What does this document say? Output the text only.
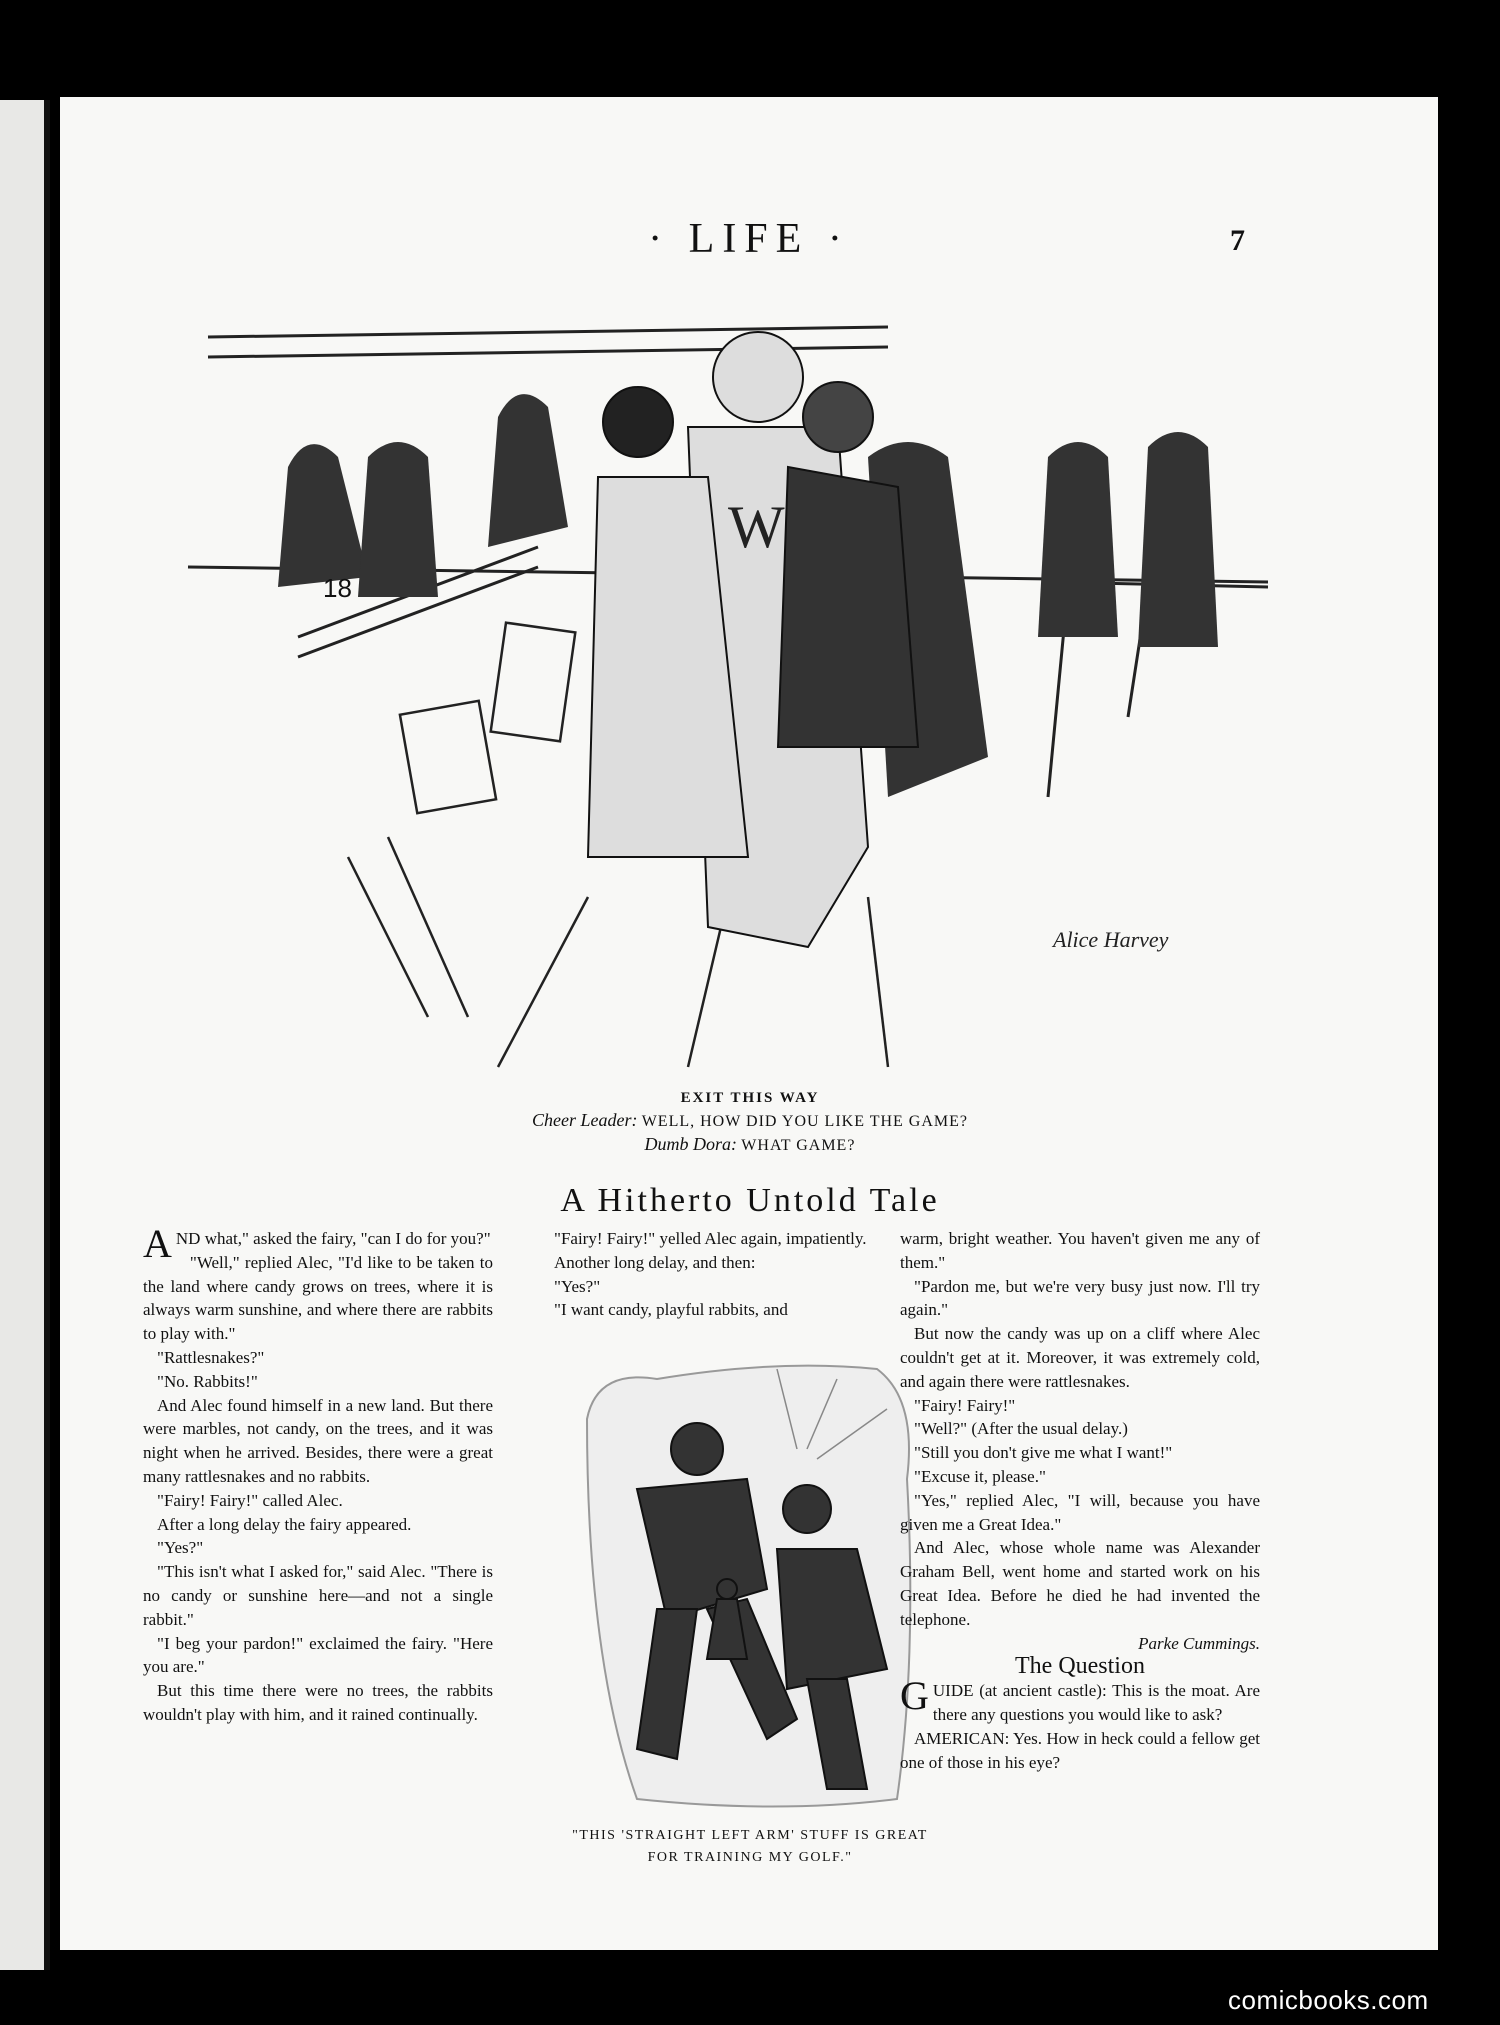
· LIFE ·	7
W
18
Alice Harvey
EXIT THIS WAY
Cheer Leader: WELL, HOW DID YOU LIKE THE GAME?
Dumb Dora: WHAT GAME?
A Hitherto Untold Tale

AND what," asked the fairy, "can I do for you?"

"Well," replied Alec, "I'd like to be taken to the land where candy grows on trees, where it is always warm sunshine, and where there are rabbits to play with."

"Rattlesnakes?"

"No. Rabbits!"

And Alec found himself in a new land. But there were marbles, not candy, on the trees, and it was night when he arrived. Besides, there were a great many rattlesnakes and no rabbits.

"Fairy! Fairy!" called Alec.

After a long delay the fairy appeared.

"Yes?"

"This isn't what I asked for," said Alec. "There is no candy or sunshine here—and not a single rabbit."

"I beg your pardon!" exclaimed the fairy. "Here you are."

But this time there were no trees, the rabbits wouldn't play with him, and it rained continually.

"Fairy! Fairy!" yelled Alec again, impatiently.

Another long delay, and then:

"Yes?"

"I want candy, playful rabbits, and

"THIS 'STRAIGHT LEFT ARM' STUFF IS GREAT FOR TRAINING MY GOLF."

warm, bright weather. You haven't given me any of them."

"Pardon me, but we're very busy just now. I'll try again."

But now the candy was up on a cliff where Alec couldn't get at it. Moreover, it was extremely cold, and again there were rattlesnakes.

"Fairy! Fairy!"

"Well?" (After the usual delay.)

"Still you don't give me what I want!"

"Excuse it, please."

"Yes," replied Alec, "I will, because you have given me a Great Idea."

And Alec, whose whole name was Alexander Graham Bell, went home and started work on his Great Idea. Before he died he had invented the telephone.

Parke Cummings.

The Question

GUIDE (at ancient castle): This is the moat. Are there any questions you would like to ask?

AMERICAN: Yes. How in heck could a fellow get one of those in his eye?

comicbooks.com
